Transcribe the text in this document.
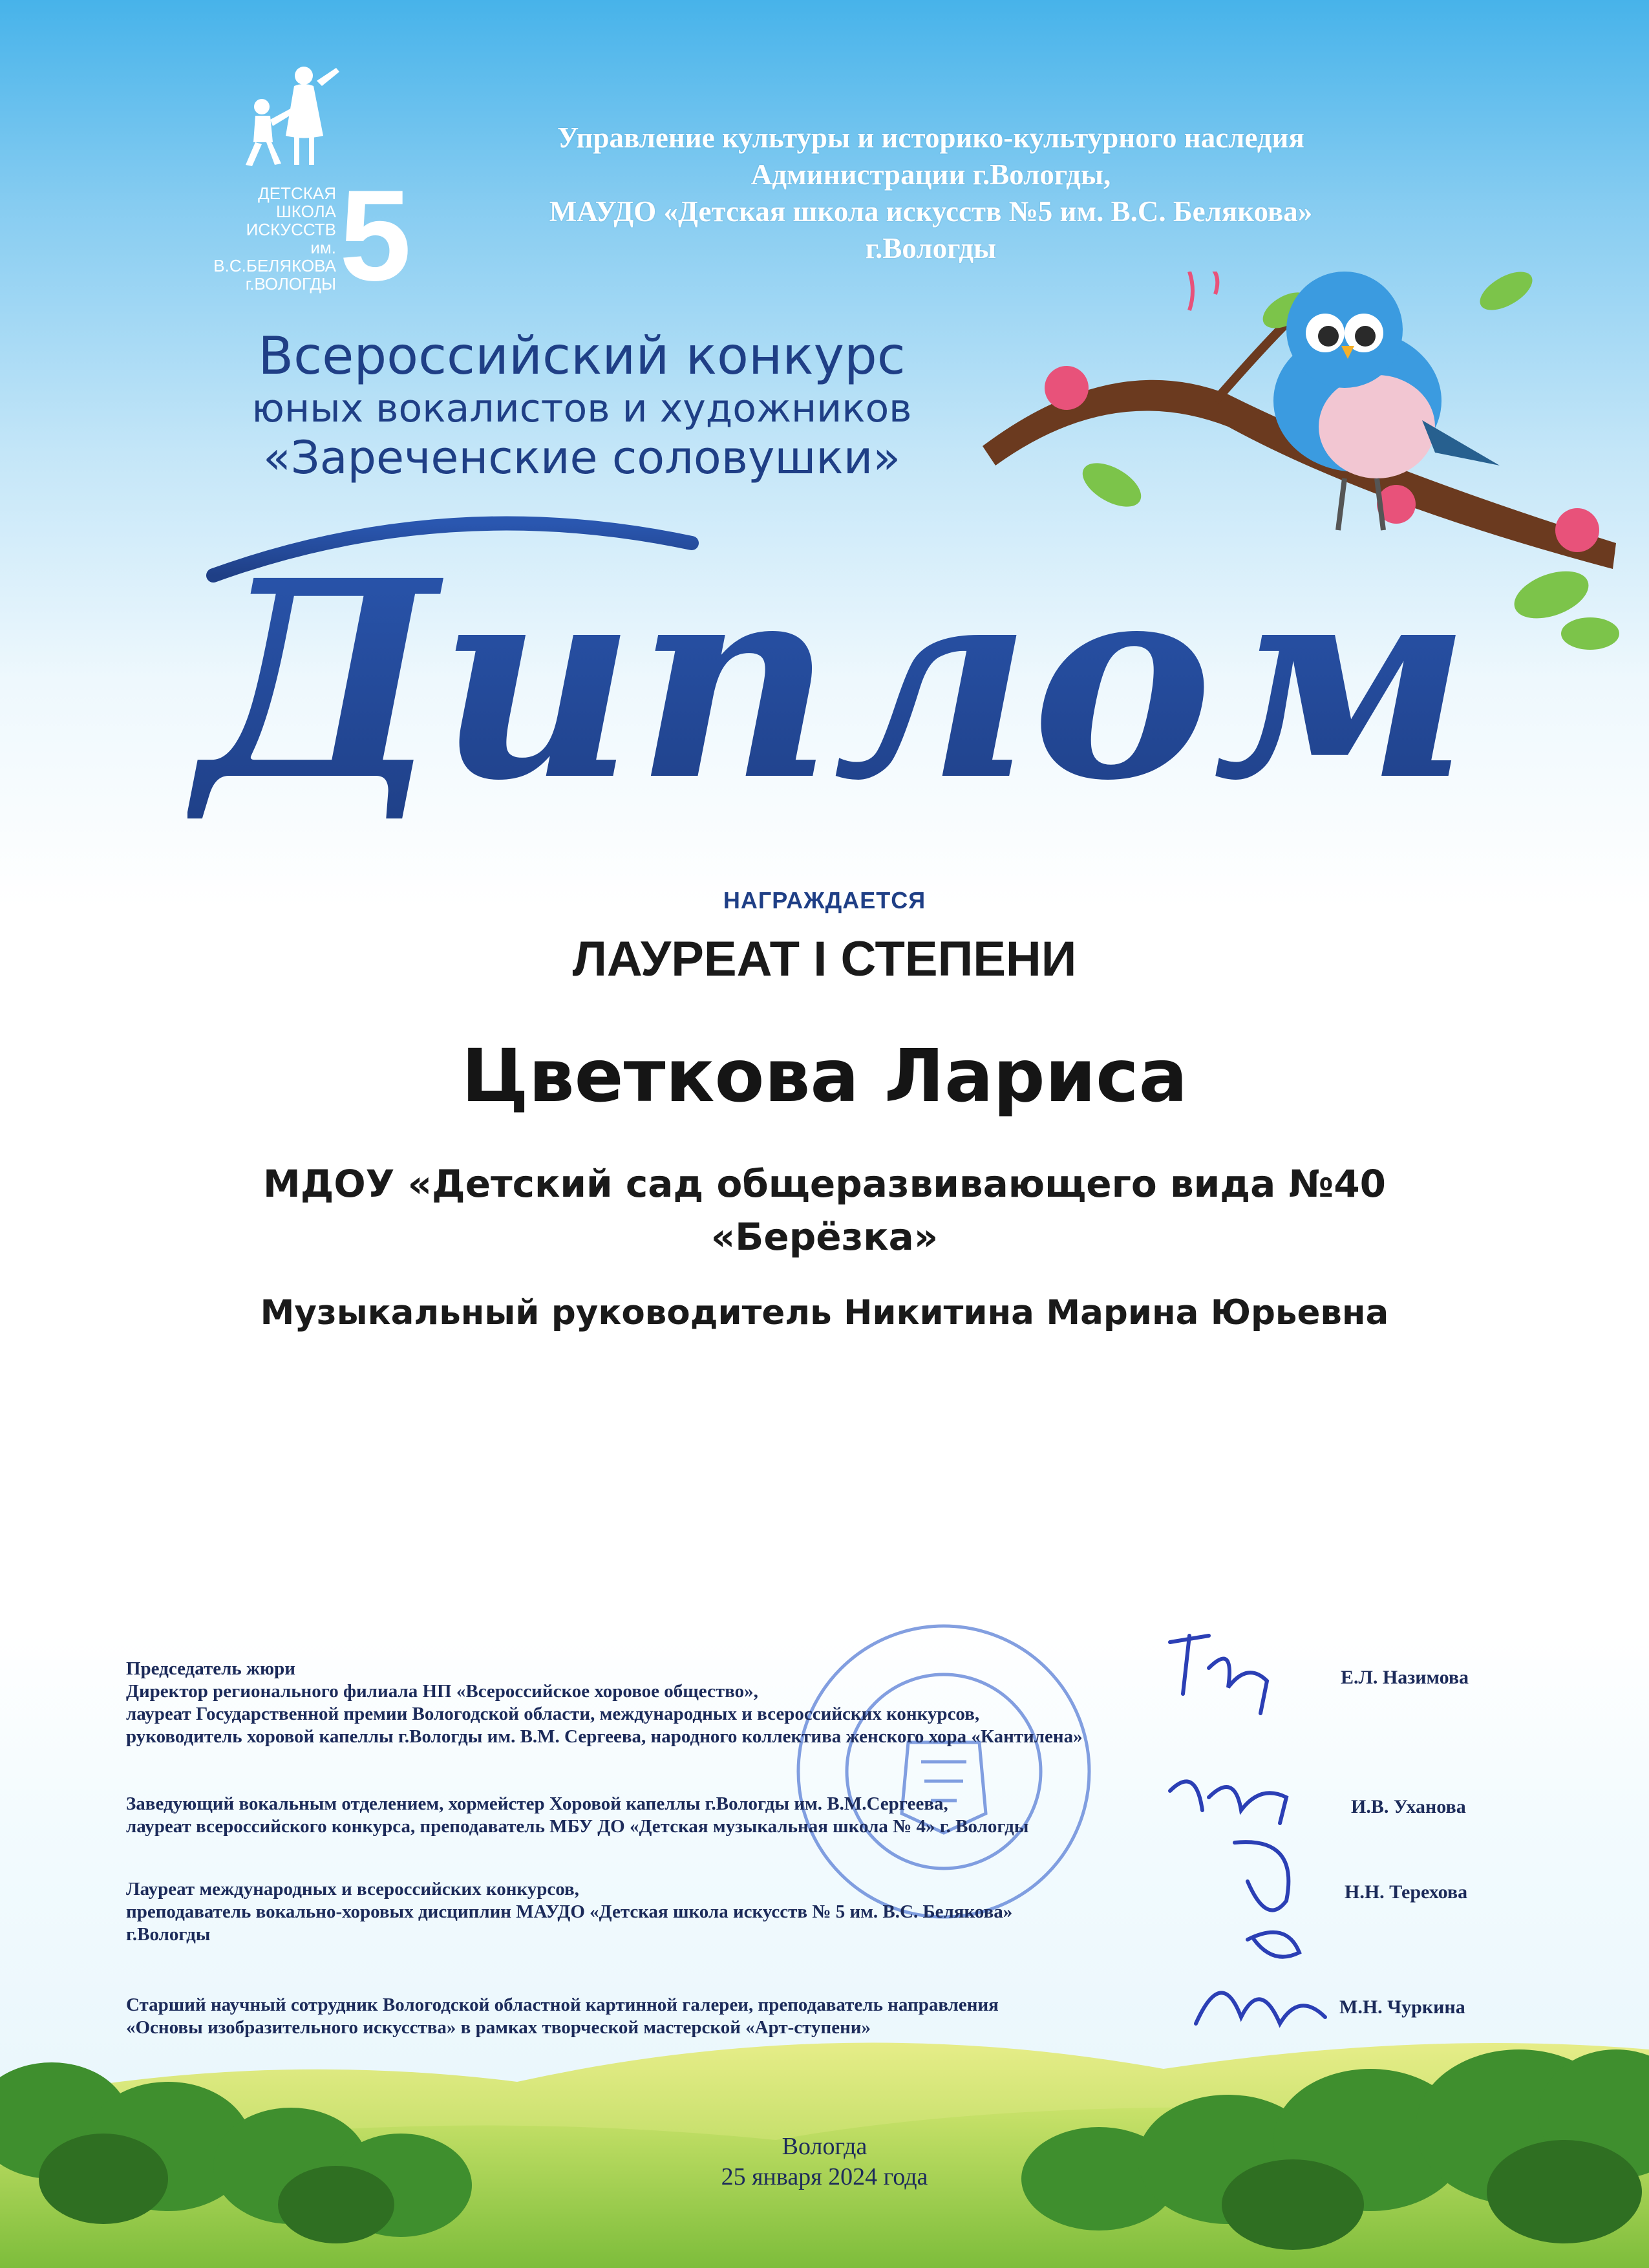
ДЕТСКАЯ
ШКОЛА ИСКУССТВ
им. В.С.БЕЛЯКОВА
г.ВОЛОГДЫ 5
Управление культуры и историко-культурного наследия
Администрации г.Вологды,
МАУДО «Детская школа искусств №5 им. В.С. Белякова»
г.Вологды
Всероссийский конкурс
юных вокалистов и художников
«Зареченские соловушки»
Диплом
НАГРАЖДАЕТСЯ
ЛАУРЕАТ I СТЕПЕНИ
Цветкова Лариса
МДОУ «Детский сад общеразвивающего вида №40
«Берёзка»
Музыкальный руководитель Никитина Марина Юрьевна
Председатель жюри
Директор регионального филиала НП «Всероссийское хоровое общество»,
лауреат Государственной премии Вологодской области, международных и всероссийских конкурсов,
руководитель хоровой капеллы г.Вологды им. В.М. Сергеева, народного коллектива женского хора «Кантилена»
Е.Л. Назимова
Заведующий вокальным отделением, хормейстер Хоровой капеллы г.Вологды им. В.М.Сергеева,
лауреат всероссийского конкурса, преподаватель МБУ ДО «Детская музыкальная школа № 4» г. Вологды
И.В. Уханова
Лауреат международных и всероссийских конкурсов,
преподаватель вокально-хоровых дисциплин МАУДО «Детская школа искусств № 5 им. В.С. Белякова»
г.Вологды
Н.Н. Терехова
Старший научный сотрудник Вологодской областной картинной галереи, преподаватель направления
«Основы изобразительного искусства» в рамках творческой мастерской «Арт-ступени»
М.Н. Чуркина
Вологда
25 января 2024 года
